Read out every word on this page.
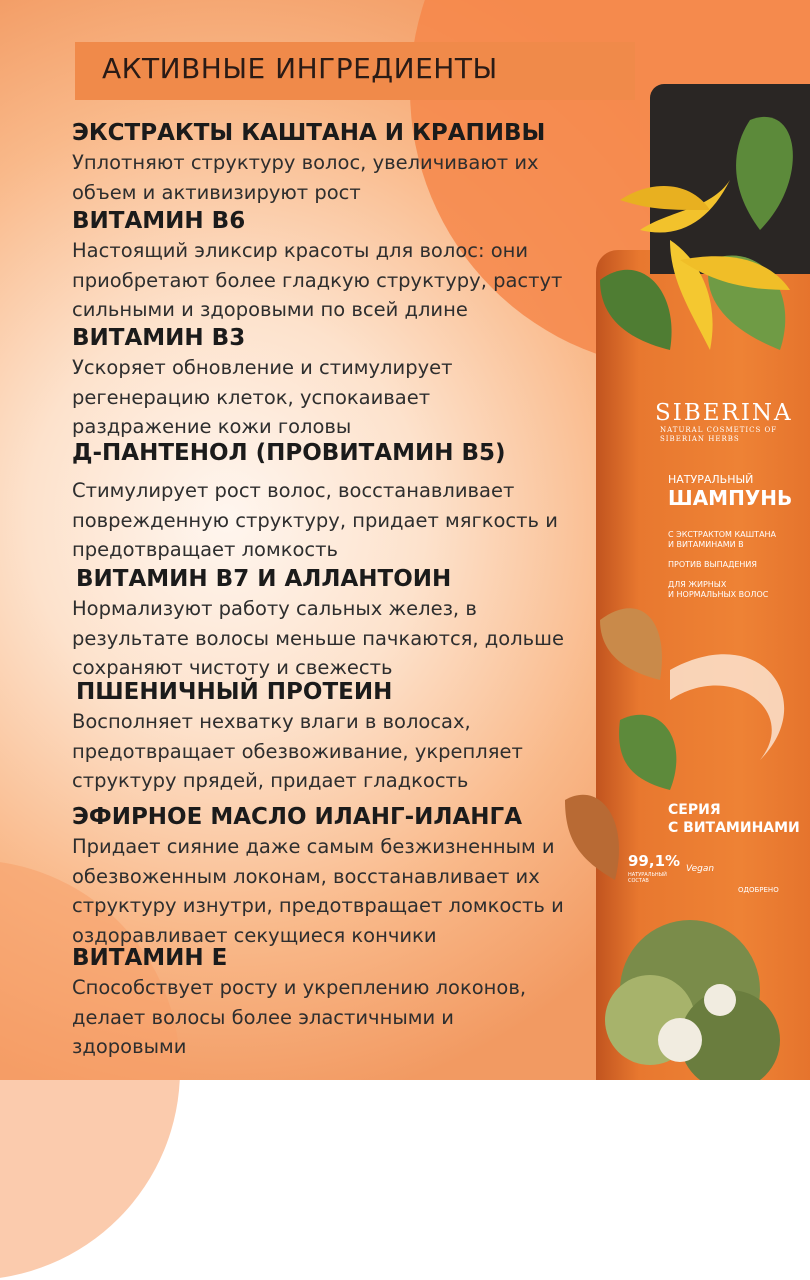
SIBERINA
NATURAL COSMETICS OF SIBERIAN HERBS
НАТУРАЛЬНЫЙ
ШАМПУНЬ
С ЭКСТРАКТОМ КАШТАНА
И ВИТАМИНАМИ В
ПРОТИВ ВЫПАДЕНИЯ
ДЛЯ ЖИРНЫХ
И НОРМАЛЬНЫХ ВОЛОС
СЕРИЯ
С ВИТАМИНАМИ
99,1%
НАТУРАЛЬНЫЙ СОСТАВ
Vegan
ОДОБРЕНО
АКТИВНЫЕ ИНГРЕДИЕНТЫ
ЭКСТРАКТЫ КАШТАНА И КРАПИВЫ

Уплотняют структуру волос, увеличивают их

объем и активизируют рост

ВИТАМИН В6

Настоящий эликсир красоты для волос: они

приобретают более гладкую структуру, растут

сильными и здоровыми по всей длине

ВИТАМИН В3

Ускоряет обновление и стимулирует

регенерацию клеток, успокаивает

раздражение кожи головы

Д-ПАНТЕНОЛ (ПРОВИТАМИН В5)

Стимулирует рост волос, восстанавливает

поврежденную структуру, придает мягкость и

предотвращает ломкость

ВИТАМИН В7 И АЛЛАНТОИН

Нормализуют работу сальных желез, в

результате волосы меньше пачкаются, дольше

сохраняют чистоту и свежесть

ПШЕНИЧНЫЙ ПРОТЕИН

Восполняет нехватку влаги в волосах,

предотвращает обезвоживание, укрепляет

структуру прядей, придает гладкость

ЭФИРНОЕ МАСЛО ИЛАНГ-ИЛАНГА

Придает сияние даже самым безжизненным и

обезвоженным локонам, восстанавливает их

структуру изнутри, предотвращает ломкость и

оздоравливает секущиеся кончики

ВИТАМИН Е

Способствует росту и укреплению локонов,

делает волосы более эластичными и

здоровыми
